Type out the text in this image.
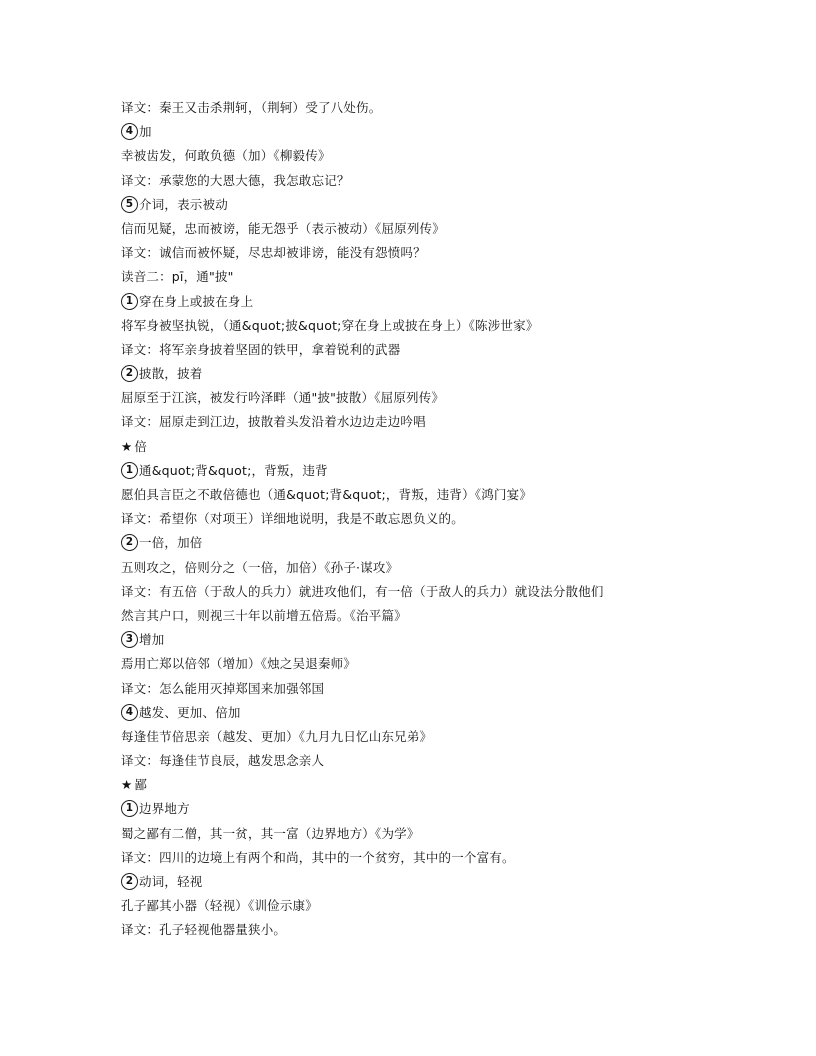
译文：秦王又击杀荆轲，（荆轲）受了八处伤。
4 加
幸被齿发，何敢负德（加）《柳毅传》
译文：承蒙您的大恩大德，我怎敢忘记？
5 介词，表示被动
信而见疑，忠而被谤，能无怨乎（表示被动）《屈原列传》
译文：诚信而被怀疑，尽忠却被诽谤，能没有怨愤吗？
读音二：pī，通"披"
1 穿在身上或披在身上
将军身被坚执锐，（通&quot;披&quot;穿在身上或披在身上）《陈涉世家》
译文：将军亲身披着坚固的铁甲，拿着锐利的武器
2 披散，披着
屈原至于江滨，被发行吟泽畔（通"披"披散）《屈原列传》
译文：屈原走到江边，披散着头发沿着水边边走边吟唱
★ 倍
1 通&quot;背&quot;，背叛，违背
愿伯具言臣之不敢倍德也（通&quot;背&quot;，背叛，违背）《鸿门宴》
译文：希望你（对项王）详细地说明，我是不敢忘恩负义的。
2 一倍，加倍
五则攻之，倍则分之（一倍，加倍）《孙子·谋攻》
译文：有五倍（于敌人的兵力）就进攻他们，有一倍（于敌人的兵力）就设法分散他们
然言其户口，则视三十年以前增五倍焉。《治平篇》
3 增加
焉用亡郑以倍邻（增加）《烛之吴退秦师》
译文：怎么能用灭掉郑国来加强邻国
4 越发、更加、倍加
每逢佳节倍思亲（越发、更加）《九月九日忆山东兄弟》
译文：每逢佳节良辰，越发思念亲人
★ 鄙
1 边界地方
蜀之鄙有二僧，其一贫，其一富（边界地方）《为学》
译文：四川的边境上有两个和尚，其中的一个贫穷，其中的一个富有。
2 动词，轻视
孔子鄙其小器（轻视）《训俭示康》
译文：孔子轻视他器量狭小。
